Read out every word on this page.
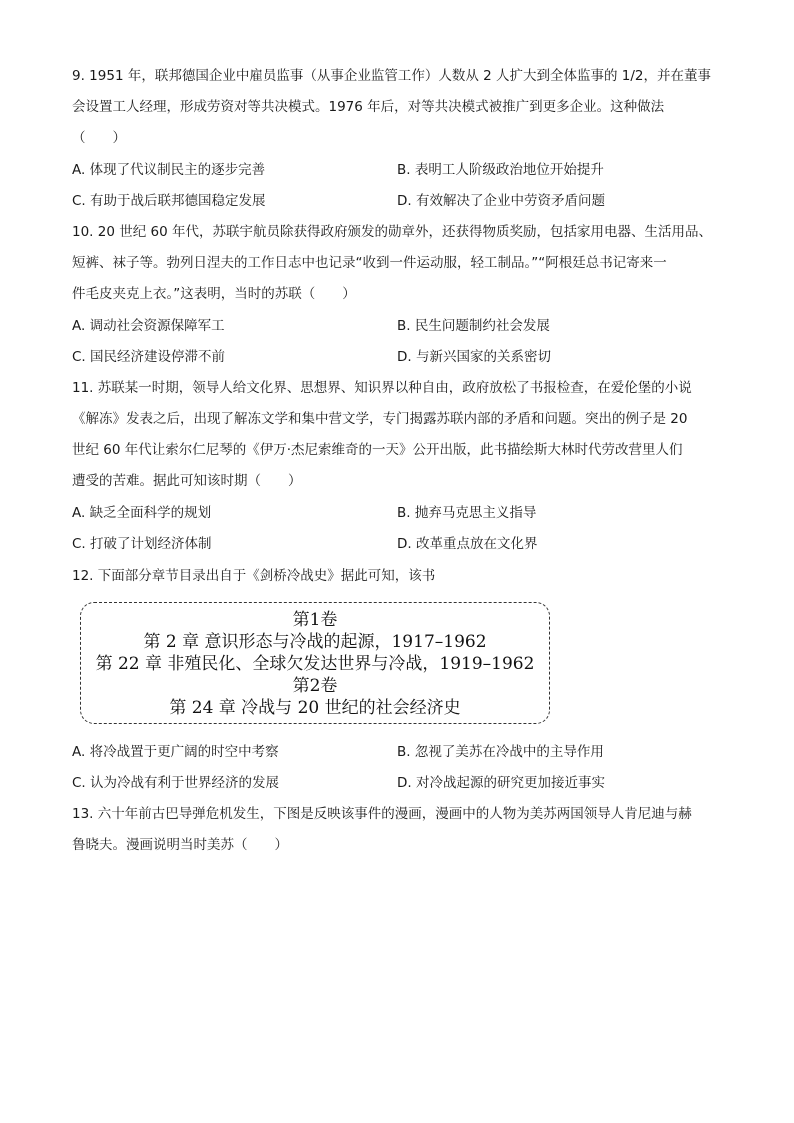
9. 1951 年，联邦德国企业中雇员监事（从事企业监管工作）人数从 2 人扩大到全体监事的 1/2，并在董事

会设置工人经理，形成劳资对等共决模式。1976 年后，对等共决模式被推广到更多企业。这种做法

（　　）

A. 体现了代议制民主的逐步完善	B. 表明工人阶级政治地位开始提升
C. 有助于战后联邦德国稳定发展	D. 有效解决了企业中劳资矛盾问题

10. 20 世纪 60 年代，苏联宇航员除获得政府颁发的勋章外，还获得物质奖励，包括家用电器、生活用品、

短裤、袜子等。勃列日涅夫的工作日志中也记录“收到一件运动服，轻工制品。”“阿根廷总书记寄来一

件毛皮夹克上衣。”这表明，当时的苏联（　　）

A. 调动社会资源保障军工	B. 民生问题制约社会发展
C. 国民经济建设停滞不前	D. 与新兴国家的关系密切

11. 苏联某一时期，领导人给文化界、思想界、知识界以种自由，政府放松了书报检查，在爱伦堡的小说

《解冻》发表之后，出现了解冻文学和集中营文学，专门揭露苏联内部的矛盾和问题。突出的例子是 20

世纪 60 年代让索尔仁尼琴的《伊万·杰尼索维奇的一天》公开出版，此书描绘斯大林时代劳改营里人们

遭受的苦难。据此可知该时期（　　）

A. 缺乏全面科学的规划	B. 抛弃马克思主义指导
C. 打破了计划经济体制	D. 改革重点放在文化界

12. 下面部分章节目录出自于《剑桥冷战史》据此可知，该书

第1卷
第 2 章 意识形态与冷战的起源，1917–1962
第 22 章 非殖民化、全球欠发达世界与冷战，1919–1962
第2卷
第 24 章 冷战与 20 世纪的社会经济史
A. 将冷战置于更广阔的时空中考察	B. 忽视了美苏在冷战中的主导作用
C. 认为冷战有利于世界经济的发展	D. 对冷战起源的研究更加接近事实

13. 六十年前古巴导弹危机发生，下图是反映该事件的漫画，漫画中的人物为美苏两国领导人肯尼迪与赫

鲁晓夫。漫画说明当时美苏（　　）
